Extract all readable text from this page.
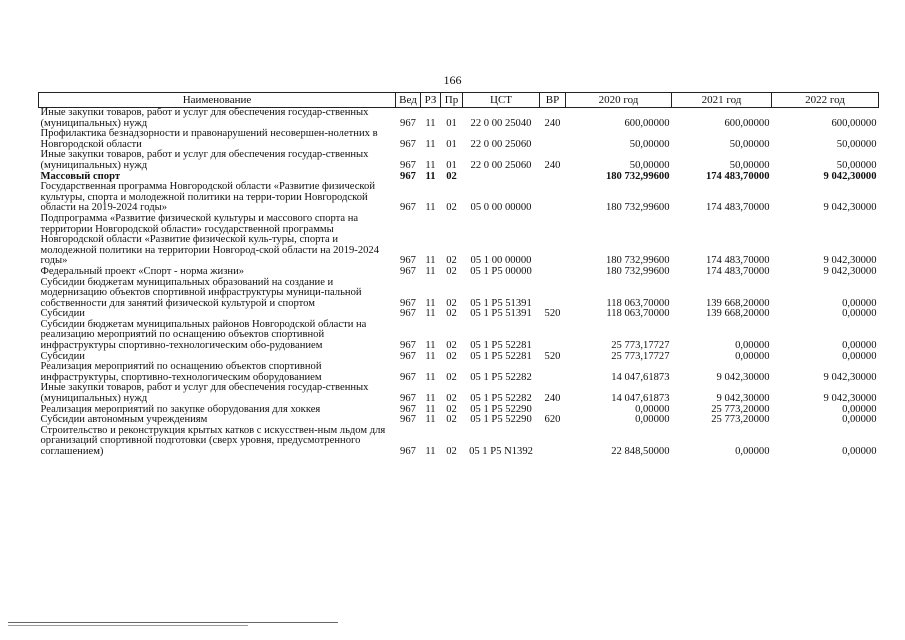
166
Наименование	Вед	РЗ	Пр	ЦСТ	ВР	2020 год	2021 год	2022 год
Иные закупки товаров, работ и услуг для обеспечения государ-ственных (муниципальных) нужд	967	11	01	22 0 00 25040	240	600,00000	600,00000	600,00000
Профилактика безнадзорности и правонарушений несовершен-нолетних в Новгородской области	967	11	01	22 0 00 25060		50,00000	50,00000	50,00000
Иные закупки товаров, работ и услуг для обеспечения государ-ственных (муниципальных) нужд	967	11	01	22 0 00 25060	240	50,00000	50,00000	50,00000
Массовый спорт	967	11	02			180 732,99600	174 483,70000	9 042,30000
Государственная программа Новгородской области «Развитие физической культуры, спорта и молодежной политики на терри-тории Новгородской области на 2019-2024 годы»	967	11	02	05 0 00 00000		180 732,99600	174 483,70000	9 042,30000
Подпрограмма «Развитие физической культуры и массового спорта на территории Новгородской области» государственной программы Новгородской области «Развитие физической куль-туры, спорта и молодежной политики на территории Новгород-ской области на 2019-2024 годы»	967	11	02	05 1 00 00000		180 732,99600	174 483,70000	9 042,30000
Федеральный проект «Спорт - норма жизни»	967	11	02	05 1 P5 00000		180 732,99600	174 483,70000	9 042,30000
Субсидии бюджетам муниципальных образований на создание и модернизацию объектов спортивной инфраструктуры муници-пальной собственности для занятий физической культурой и спортом	967	11	02	05 1 P5 51391		118 063,70000	139 668,20000	0,00000
Субсидии	967	11	02	05 1 P5 51391	520	118 063,70000	139 668,20000	0,00000
Субсидии бюджетам муниципальных районов Новгородской области на реализацию мероприятий по оснащению объектов спортивной инфраструктуры спортивно-технологическим обо-рудованием	967	11	02	05 1 P5 52281		25 773,17727	0,00000	0,00000
Субсидии	967	11	02	05 1 P5 52281	520	25 773,17727	0,00000	0,00000
Реализация мероприятий по оснащению объектов спортивной инфраструктуры, спортивно-технологическим оборудованием	967	11	02	05 1 P5 52282		14 047,61873	9 042,30000	9 042,30000
Иные закупки товаров, работ и услуг для обеспечения государ-ственных (муниципальных) нужд	967	11	02	05 1 P5 52282	240	14 047,61873	9 042,30000	9 042,30000
Реализация мероприятий по закупке оборудования для хоккея	967	11	02	05 1 P5 52290		0,00000	25 773,20000	0,00000
Субсидии автономным учреждениям	967	11	02	05 1 P5 52290	620	0,00000	25 773,20000	0,00000
Строительство и реконструкция крытых катков с искусствен-ным льдом для организаций спортивной подготовки (сверх уровня, предусмотренного соглашением)	967	11	02	05 1 P5 N1392		22 848,50000	0,00000	0,00000
